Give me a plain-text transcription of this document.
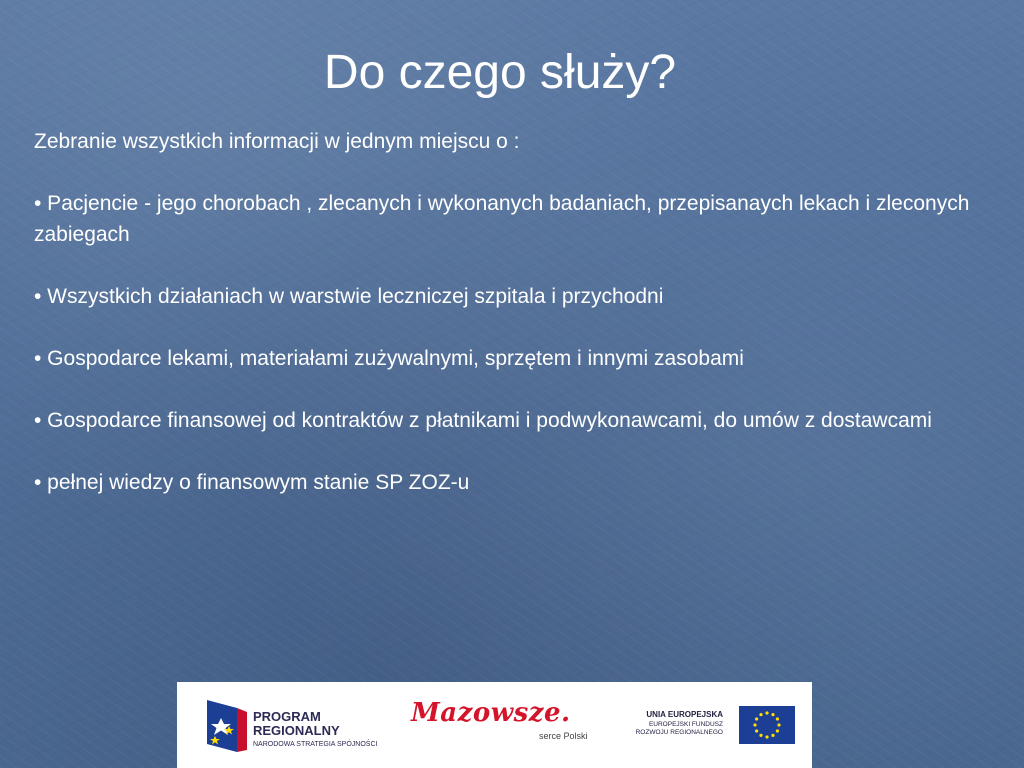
Do czego służy?

Zebranie wszystkich informacji w jednym miejscu o :

• Pacjencie - jego chorobach , zlecanych i wykonanych badaniach, przepisanaych lekach i zleconych zabiegach

• Wszystkich działaniach w warstwie leczniczej szpitala i przychodni

• Gospodarce lekami, materiałami zużywalnymi, sprzętem i innymi zasobami

• Gospodarce finansowej od kontraktów z płatnikami i podwykonawcami, do umów z dostawcami

• pełnej wiedzy o finansowym stanie SP ZOZ-u

PROGRAM
REGIONALNY
NARODOWA STRATEGIA SPÓJNOŚCI
Mazowsze.
serce Polski
UNIA EUROPEJSKA
EUROPEJSKI FUNDUSZ
ROZWOJU REGIONALNEGO
